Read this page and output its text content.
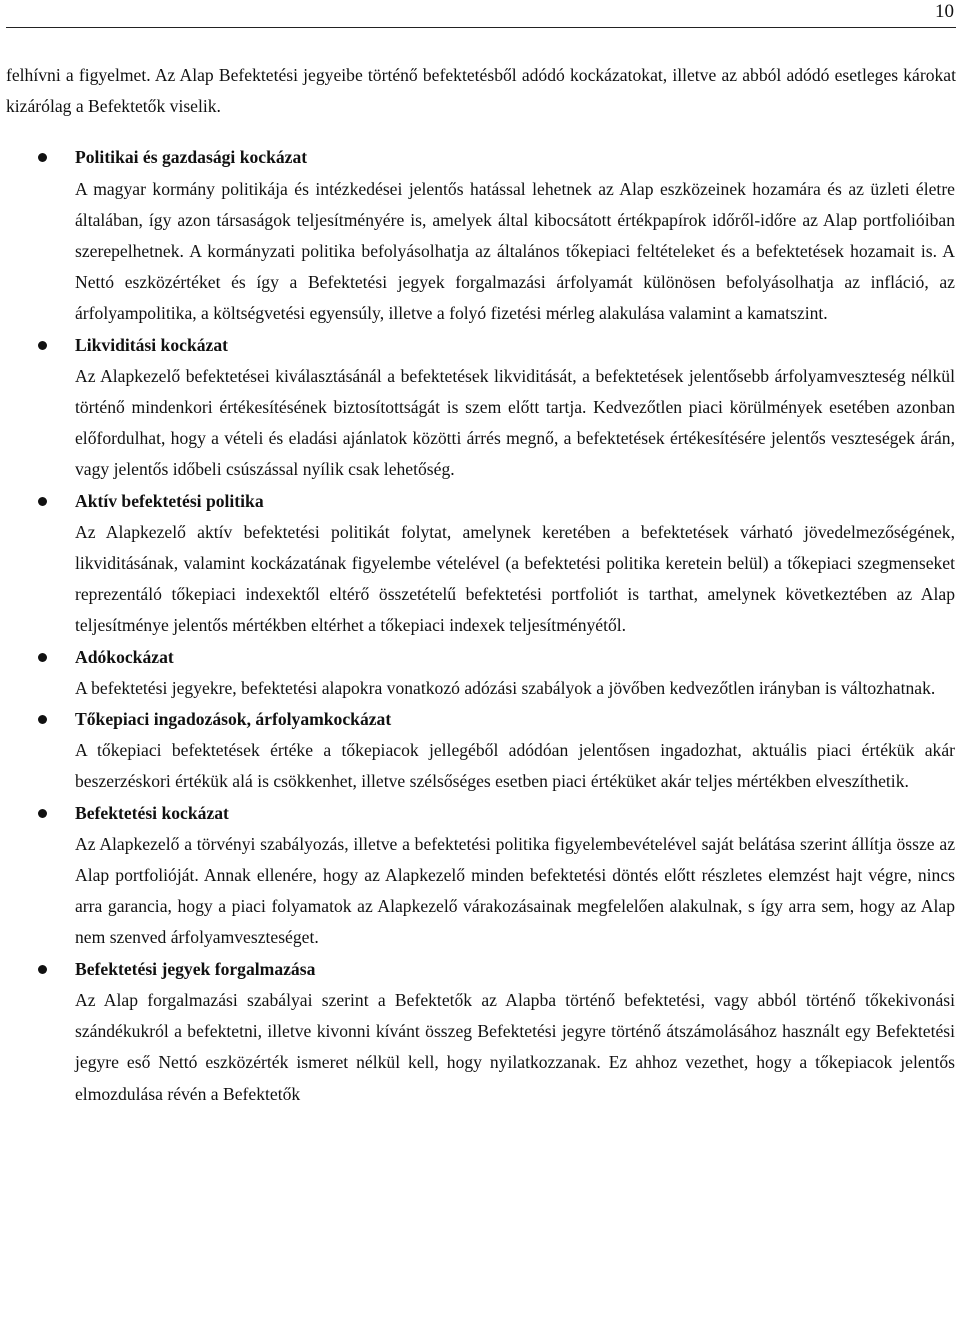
10

felhívni a figyelmet. Az Alap Befektetési jegyeibe történő befektetésből adódó kockázatokat, illetve az abból adódó esetleges károkat kizárólag a Befektetők viselik.

Politikai és gazdasági kockázat

A magyar kormány politikája és intézkedései jelentős hatással lehetnek az Alap eszközeinek hozamára és az üzleti életre általában, így azon társaságok teljesítményére is, amelyek által kibocsátott értékpapírok időről-időre az Alap portfolióiban szerepelhetnek. A kormányzati politika befolyásolhatja az általános tőkepiaci feltételeket és a befektetések hozamait is. A Nettó eszközértéket és így a Befektetési jegyek forgalmazási árfolyamát különösen befolyásolhatja az infláció, az árfolyampolitika, a költségvetési egyensúly, illetve a folyó fizetési mérleg alakulása valamint a kamatszint.

Likviditási kockázat

Az Alapkezelő befektetései kiválasztásánál a befektetések likviditását, a befektetések jelentősebb árfolyamveszteség nélkül történő mindenkori értékesítésének biztosítottságát is szem előtt tartja. Kedvezőtlen piaci körülmények esetében azonban előfordulhat, hogy a vételi és eladási ajánlatok közötti árrés megnő, a befektetések értékesítésére jelentős veszteségek árán, vagy jelentős időbeli csúszással nyílik csak lehetőség.

Aktív befektetési politika

Az Alapkezelő aktív befektetési politikát folytat, amelynek keretében a befektetések várható jövedelmezőségének, likviditásának, valamint kockázatának figyelembe vételével (a befektetési politika keretein belül) a tőkepiaci szegmenseket reprezentáló tőkepiaci indexektől eltérő összetételű befektetési portfoliót is tarthat, amelynek következtében az Alap teljesítménye jelentős mértékben eltérhet a tőkepiaci indexek teljesítményétől.

Adókockázat

A befektetési jegyekre, befektetési alapokra vonatkozó adózási szabályok a jövőben kedvezőtlen irányban is változhatnak.

Tőkepiaci ingadozások, árfolyamkockázat

A tőkepiaci befektetések értéke a tőkepiacok jellegéből adódóan jelentősen ingadozhat, aktuális piaci értékük akár beszerzéskori értékük alá is csökkenhet, illetve szélsőséges esetben piaci értéküket akár teljes mértékben elveszíthetik.

Befektetési kockázat

Az Alapkezelő a törvényi szabályozás, illetve a befektetési politika figyelembevételével saját belátása szerint állítja össze az Alap portfolióját. Annak ellenére, hogy az Alapkezelő minden befektetési döntés előtt részletes elemzést hajt végre, nincs arra garancia, hogy a piaci folyamatok az Alapkezelő várakozásainak megfelelően alakulnak, s így arra sem, hogy az Alap nem szenved árfolyamveszteséget.

Befektetési jegyek forgalmazása

Az Alap forgalmazási szabályai szerint a Befektetők az Alapba történő befektetési, vagy abból történő tőkekivonási szándékukról a befektetni, illetve kivonni kívánt összeg Befektetési jegyre történő átszámolásához használt egy Befektetési jegyre eső Nettó eszközérték ismeret nélkül kell, hogy nyilatkozzanak. Ez ahhoz vezethet, hogy a tőkepiacok jelentős elmozdulása révén a Befektetők
